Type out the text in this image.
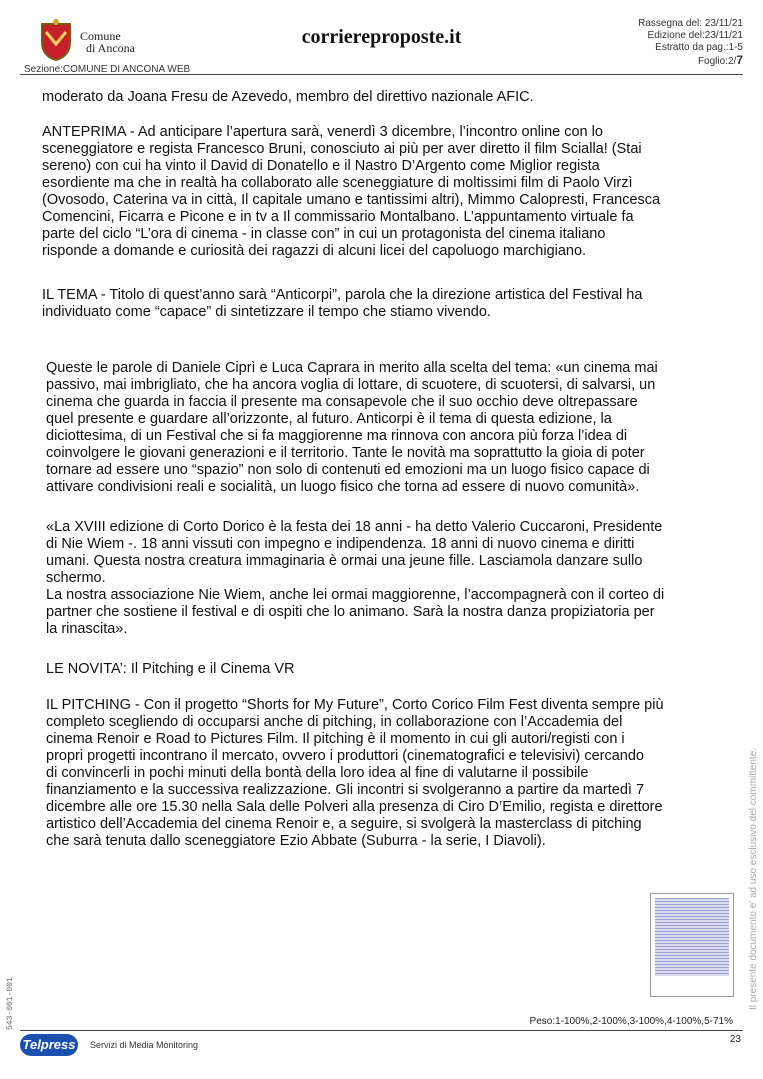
Comune
di Ancona	corriereproposte.it
Rassegna del: 23/11/21
Edizione del:23/11/21
Estratto da pag.:1-5
Foglio:2/7
Sezione:COMUNE DI ANCONA WEB

moderato da Joana Fresu de Azevedo, membro del direttivo nazionale AFIC.

ANTEPRIMA - Ad anticipare l’apertura sarà, venerdì 3 dicembre, l’incontro online con lo
sceneggiatore e regista Francesco Bruni, conosciuto ai più per aver diretto il film Scialla! (Stai
sereno) con cui ha vinto il David di Donatello e il Nastro D’Argento come Miglior regista
esordiente ma che in realtà ha collaborato alle sceneggiature di moltissimi film di Paolo Virzì
(Ovosodo, Caterina va in città, Il capitale umano e tantissimi altri), Mimmo Calopresti, Francesca
Comencini, Ficarra e Picone e in tv a Il commissario Montalbano. L’appuntamento virtuale fa
parte del ciclo “L’ora di cinema - in classe con” in cui un protagonista del cinema italiano
risponde a domande e curiosità dei ragazzi di alcuni licei del capoluogo marchigiano.

IL TEMA - Titolo di quest’anno sarà “Anticorpi”, parola che la direzione artistica del Festival ha
individuato come “capace” di sintetizzare il tempo che stiamo vivendo.

Queste le parole di Daniele Ciprì e Luca Caprara in merito alla scelta del tema: «un cinema mai
passivo, mai imbrigliato, che ha ancora voglia di lottare, di scuotere, di scuotersi, di salvarsi, un
cinema che guarda in faccia il presente ma consapevole che il suo occhio deve oltrepassare
quel presente e guardare all’orizzonte, al futuro. Anticorpi è il tema di questa edizione, la
diciottesima, di un Festival che si fa maggiorenne ma rinnova con ancora più forza l’idea di
coinvolgere le giovani generazioni e il territorio. Tante le novità ma soprattutto la gioia di poter
tornare ad essere uno “spazio” non solo di contenuti ed emozioni ma un luogo fisico capace di
attivare condivisioni reali e socialità, un luogo fisico che torna ad essere di nuovo comunità».

«La XVIII edizione di Corto Dorico è la festa dei 18 anni - ha detto Valerio Cuccaroni, Presidente
di Nie Wiem -. 18 anni vissuti con impegno e indipendenza. 18 anni di nuovo cinema e diritti
umani. Questa nostra creatura immaginaria è ormai una jeune fille. Lasciamola danzare sullo
schermo.
La nostra associazione Nie Wiem, anche lei ormai maggiorenne, l’accompagnerà con il corteo di
partner che sostiene il festival e di ospiti che lo animano. Sarà la nostra danza propiziatoria per
la rinascita».

LE NOVITA’: Il Pitching e il Cinema VR

IL PITCHING - Con il progetto “Shorts for My Future”, Corto Corico Film Fest diventa sempre più
completo scegliendo di occuparsi anche di pitching, in collaborazione con l’Accademia del
cinema Renoir e Road to Pictures Film. Il pitching è il momento in cui gli autori/registi con i
propri progetti incontrano il mercato, ovvero i produttori (cinematografici e televisivi) cercando
di convincerli in pochi minuti della bontà della loro idea al fine di valutarne il possibile
finanziamento e la successiva realizzazione. Gli incontri si svolgeranno a partire da martedì 7
dicembre alle ore 15.30 nella Sala delle Polveri alla presenza di Ciro D’Emilio, regista e direttore
artistico dell’Accademia del cinema Renoir e, a seguire, si svolgerà la masterclass di pitching
che sarà tenuta dallo sceneggiatore Ezio Abbate (Suburra - la serie, I Diavoli).	Il presente documento e' ad uso esclusivo del committente.
543-001-001	Peso:1-100%,2-100%,3-100%,4-100%,5-71%
23
Telpress Servizi di Media Monitoring
